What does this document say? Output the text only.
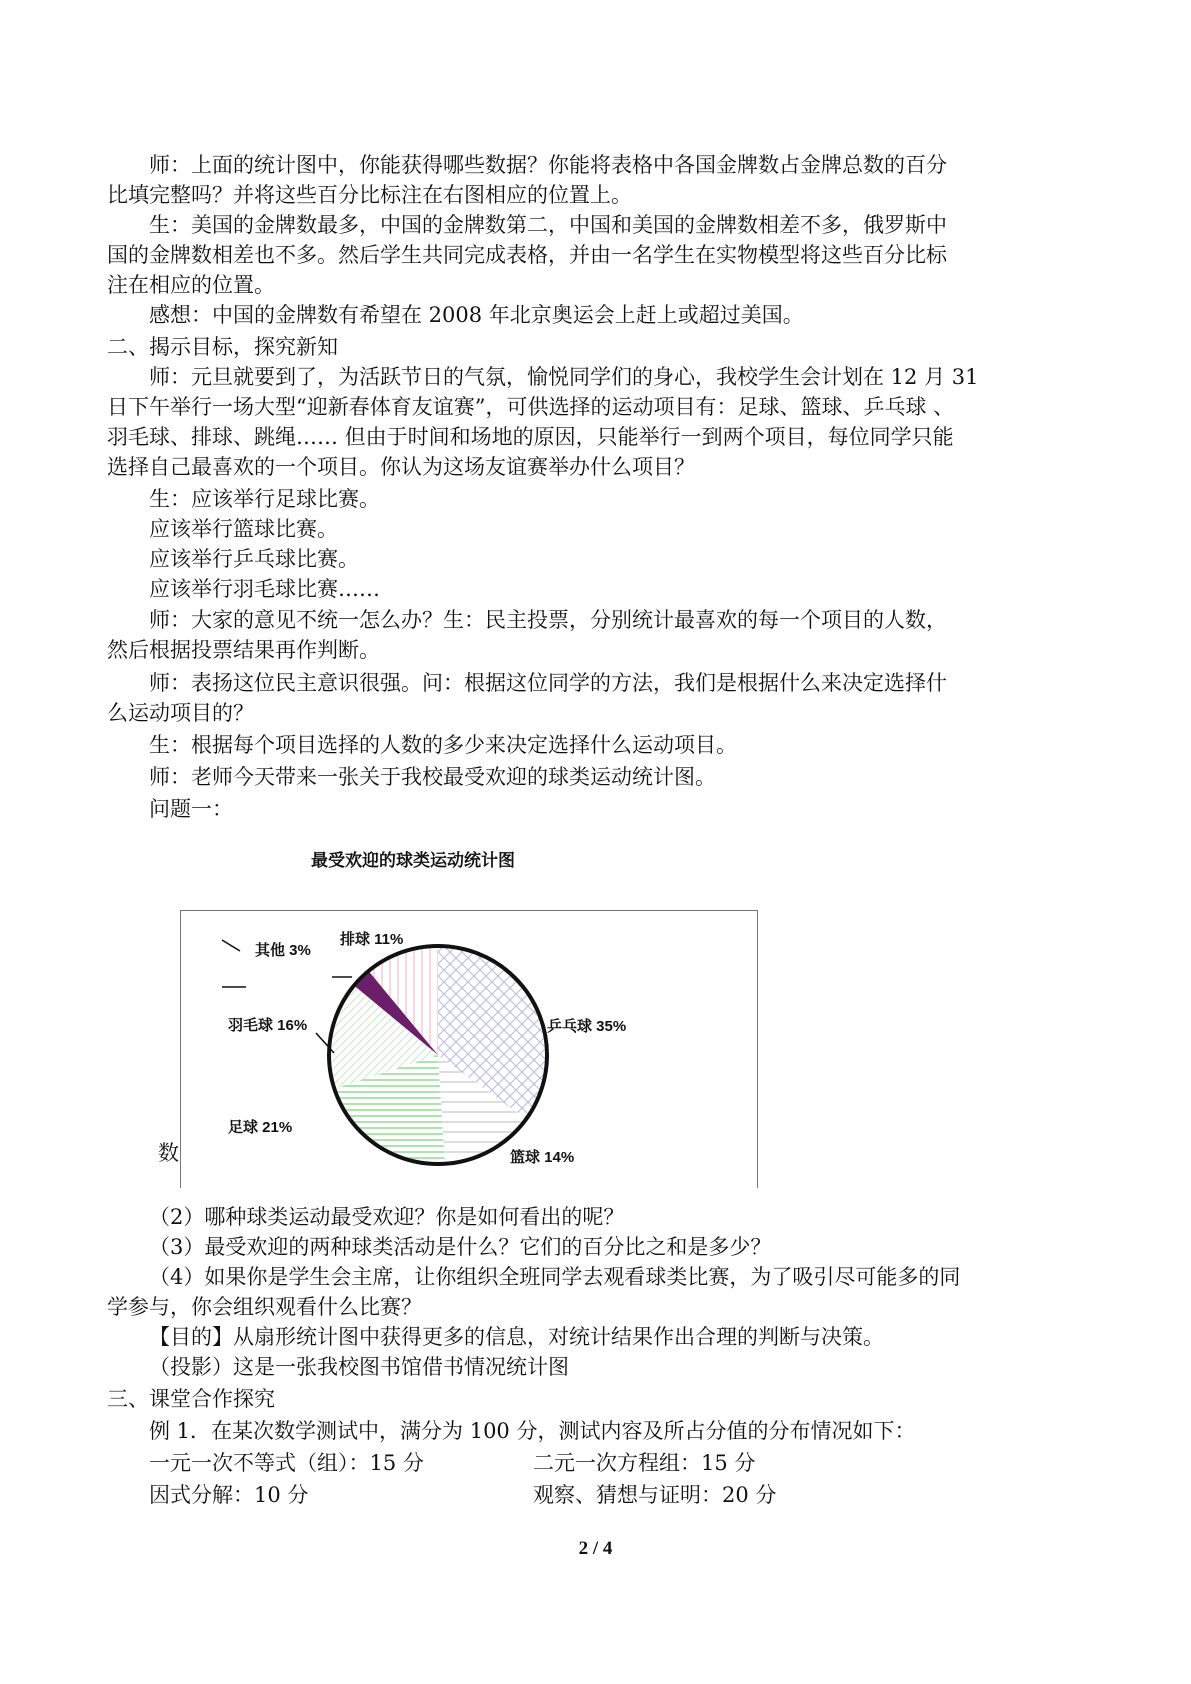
师：上面的统计图中，你能获得哪些数据？你能将表格中各国金牌数占金牌总数的百分
比填完整吗？并将这些百分比标注在右图相应的位置上。
生：美国的金牌数最多，中国的金牌数第二，中国和美国的金牌数相差不多，俄罗斯中
国的金牌数相差也不多。然后学生共同完成表格，并由一名学生在实物模型将这些百分比标
注在相应的位置。
感想：中国的金牌数有希望在 2008 年北京奥运会上赶上或超过美国。
二、揭示目标，探究新知
师：元旦就要到了，为活跃节日的气氛，愉悦同学们的身心，我校学生会计划在 12 月 31
日下午举行一场大型“迎新春体育友谊赛”，可供选择的运动项目有：足球、篮球、乒乓球 、
羽毛球、排球、跳绳…… 但由于时间和场地的原因，只能举行一到两个项目，每位同学只能
选择自己最喜欢的一个项目。你认为这场友谊赛举办什么项目？
生：应该举行足球比赛。
应该举行篮球比赛。
应该举行乒乓球比赛。
应该举行羽毛球比赛……
师：大家的意见不统一怎么办？生：民主投票，分别统计最喜欢的每一个项目的人数，
然后根据投票结果再作判断。
师：表扬这位民主意识很强。问：根据这位同学的方法，我们是根据什么来决定选择什
么运动项目的？
生：根据每个项目选择的人数的多少来决定选择什么运动项目。
师：老师今天带来一张关于我校最受欢迎的球类运动统计图。
问题一：
最受欢迎的球类运动统计图
数
乒乓球 35%
篮球 14%
足球 21%
羽毛球 16%
其他 3%
排球 11%
（2）哪种球类运动最受欢迎？你是如何看出的呢？
（3）最受欢迎的两种球类活动是什么？它们的百分比之和是多少？
（4）如果你是学生会主席，让你组织全班同学去观看球类比赛，为了吸引尽可能多的同
学参与，你会组织观看什么比赛？
【目的】从扇形统计图中获得更多的信息，对统计结果作出合理的判断与决策。
（投影）这是一张我校图书馆借书情况统计图
三、课堂合作探究
例 1．在某次数学测试中，满分为 100 分，测试内容及所占分值的分布情况如下：
一元一次不等式（组）：15 分	二元一次方程组：15 分
因式分解：10 分	观察、猜想与证明：20 分
2 / 4
